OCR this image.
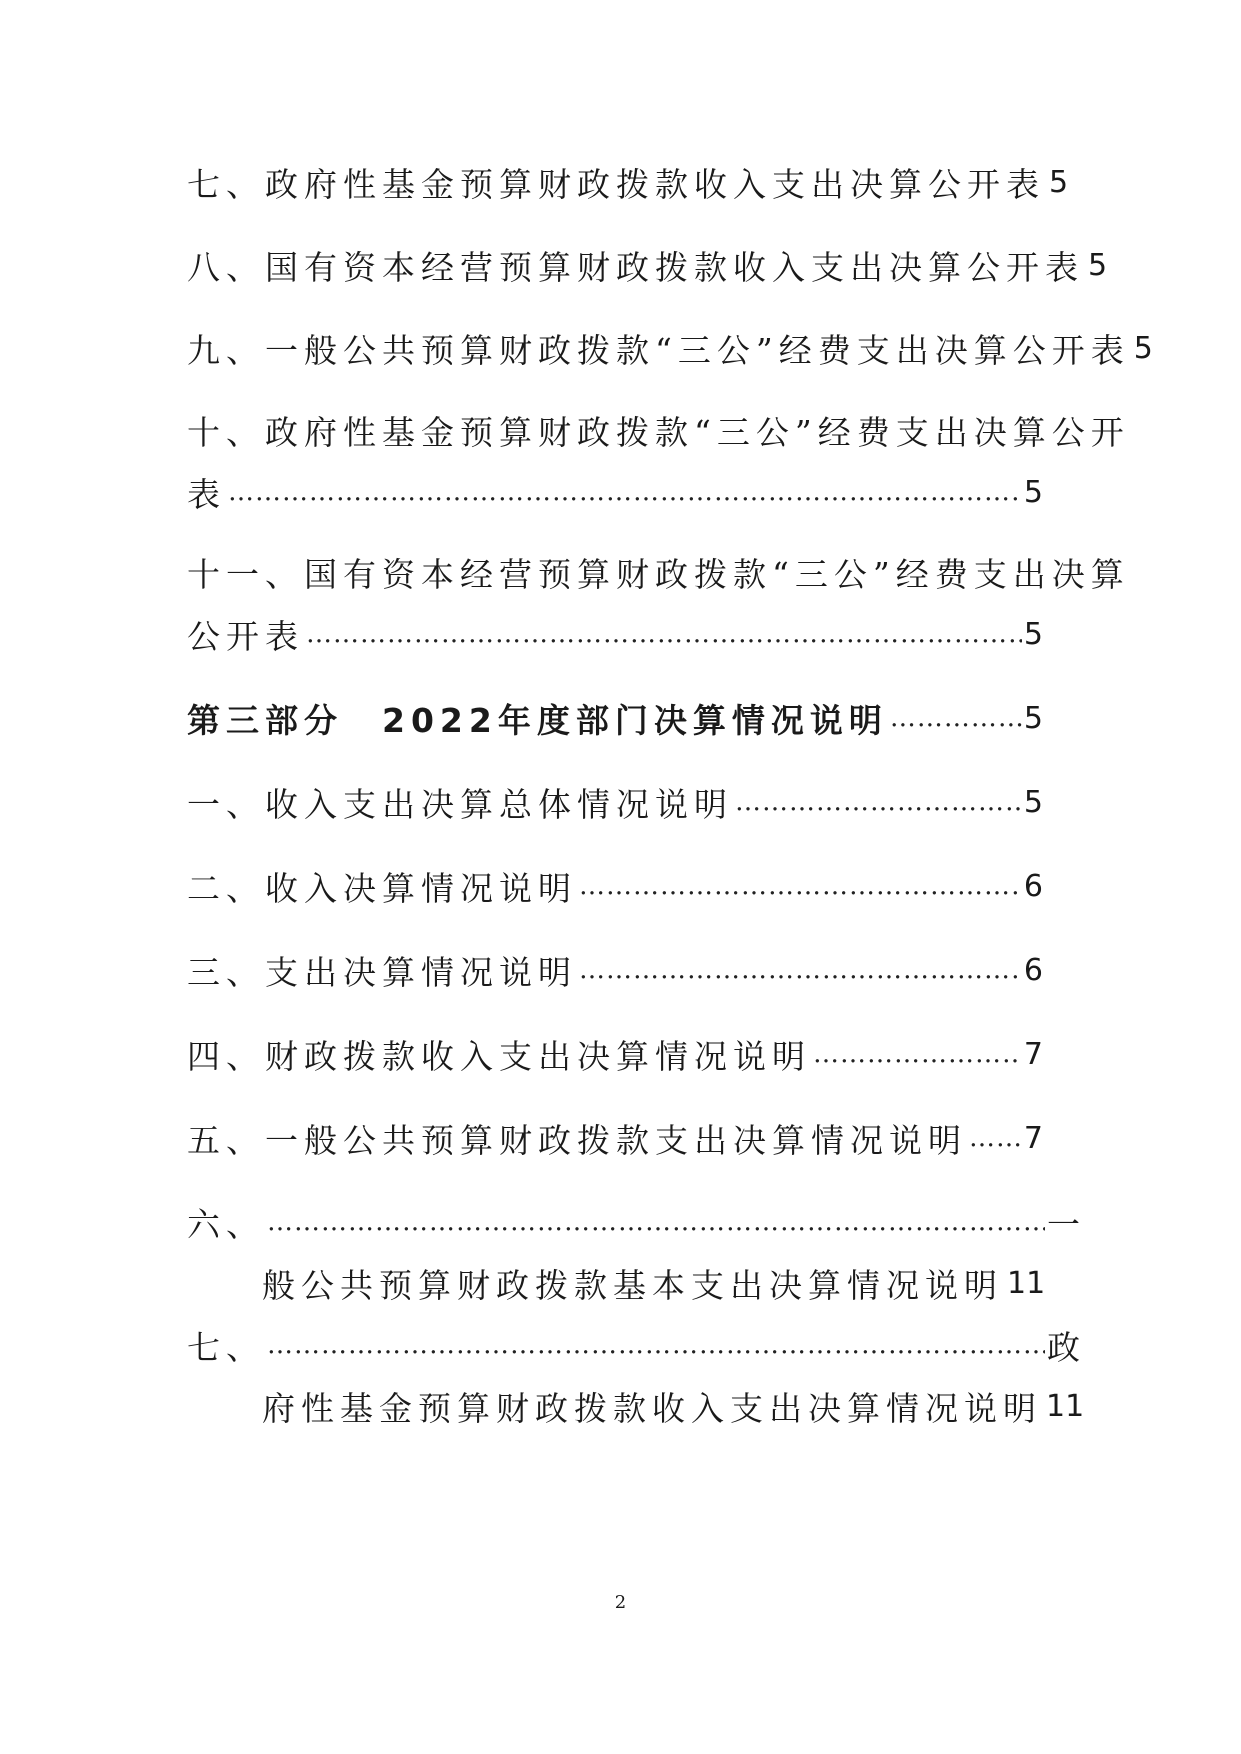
七、政府性基金预算财政拨款收入支出决算公开表 5
八、国有资本经营预算财政拨款收入支出决算公开表 5
九、一般公共预算财政拨款“三公”经费支出决算公开表 5
十、政府性基金预算财政拨款“三公”经费支出决算公开
表 ……………………………………………………………………………………………………………………………………………………………………………………………………………………	5
十一、国有资本经营预算财政拨款“三公”经费支出决算
公开表 ……………………………………………………………………………………………………………………………………………………………………………………………………………………	5
第三部分　2022年度部门决算情况说明 ……………………………………………………………………………………………………………………………………………………………………………………………………………………	5
一、收入支出决算总体情况说明 ……………………………………………………………………………………………………………………………………………………………………………………………………………………	5
二、收入决算情况说明 ……………………………………………………………………………………………………………………………………………………………………………………………………………………	6
三、支出决算情况说明 ……………………………………………………………………………………………………………………………………………………………………………………………………………………	6
四、财政拨款收入支出决算情况说明 ……………………………………………………………………………………………………………………………………………………………………………………………………………………	7
五、一般公共预算财政拨款支出决算情况说明 …………………………………………………………………………………………………………………………………………………………………………………………………………………… 7
六、 ……………………………………………………………………………………………………………………………………………………………………………………………………………………	一
般公共预算财政拨款基本支出决算情况说明 11
七、 ……………………………………………………………………………………………………………………………………………………………………………………………………………………	政
府性基金预算财政拨款收入支出决算情况说明 11
2
